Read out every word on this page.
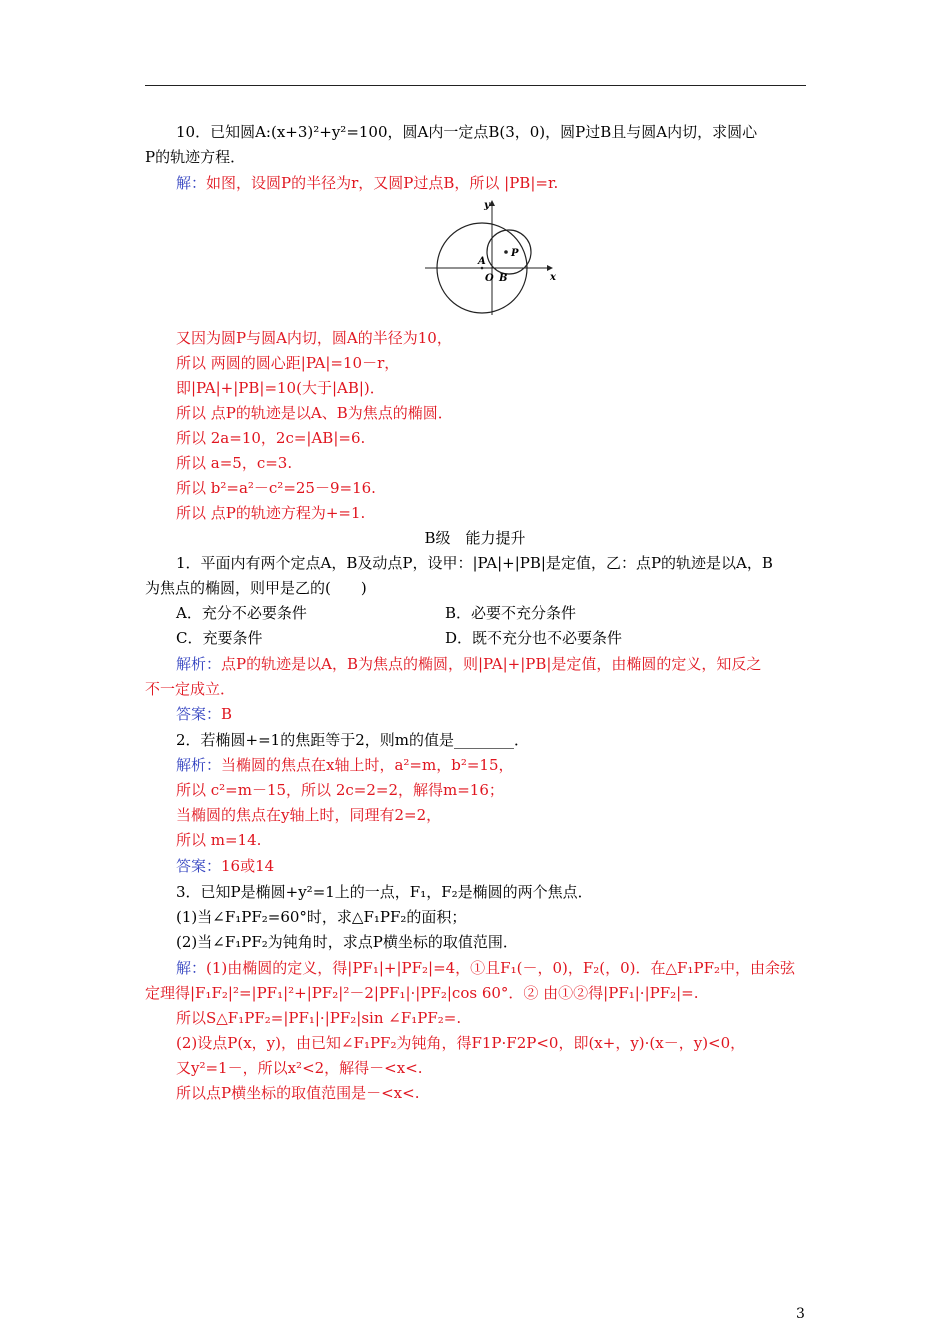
10．已知圆A:(x+3)²+y²=100，圆A内一定点B(3，0)，圆P过B且与圆A内切，求圆心
P的轨迹方程．
解：如图，设圆P的半径为r，又圆P过点B，所以 |PB|=r.
y
x
P
A
O B
又因为圆P与圆A内切，圆A的半径为10，
所以 两圆的圆心距|PA|=10－r，
即|PA|+|PB|=10(大于|AB|)．
所以 点P的轨迹是以A、B为焦点的椭圆．
所以 2a=10，2c=|AB|=6.
所以 a=5，c=3.
所以 b²=a²－c²=25－9=16.
所以 点P的轨迹方程为+=1.
B级　能力提升
1．平面内有两个定点A，B及动点P，设甲：|PA|+|PB|是定值，乙：点P的轨迹是以A，B
为焦点的椭圆，则甲是乙的(　　)
A．充分不必要条件	B．必要不充分条件
C．充要条件	D．既不充分也不必要条件
解析：点P的轨迹是以A，B为焦点的椭圆，则|PA|+|PB|是定值，由椭圆的定义，知反之
不一定成立．
答案：B
2．若椭圆+=1的焦距等于2，则m的值是________．
解析：当椭圆的焦点在x轴上时，a²=m，b²=15，
所以 c²=m－15，所以 2c=2=2，解得m=16；
当椭圆的焦点在y轴上时，同理有2=2，
所以 m=14.
答案：16或14
3．已知P是椭圆+y²=1上的一点，F₁，F₂是椭圆的两个焦点．
(1)当∠F₁PF₂=60°时，求△F₁PF₂的面积；
(2)当∠F₁PF₂为钝角时，求点P横坐标的取值范围．
解：(1)由椭圆的定义，得|PF₁|+|PF₂|=4，①且F₁(－，0)，F₂(，0)．在△F₁PF₂中，由余弦
定理得|F₁F₂|²=|PF₁|²+|PF₂|²－2|PF₁|·|PF₂|cos 60°．② 由①②得|PF₁|·|PF₂|=.
所以S△F₁PF₂=|PF₁|·|PF₂|sin ∠F₁PF₂=.
(2)设点P(x，y)，由已知∠F₁PF₂为钝角，得F1P·F2P<0，即(x+，y)·(x－，y)<0，
又y²=1－，所以x²<2，解得－<x<.
所以点P横坐标的取值范围是－<x<.
3
